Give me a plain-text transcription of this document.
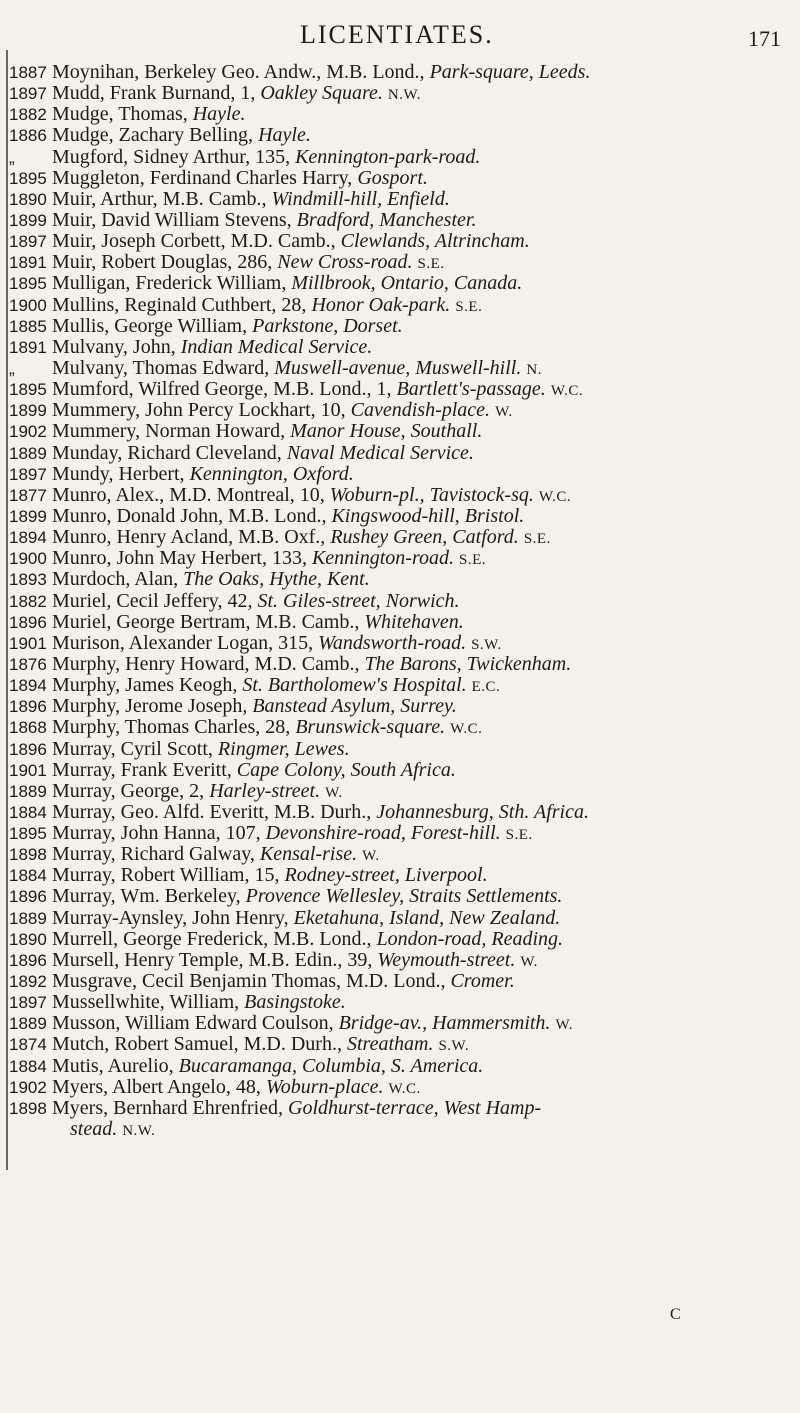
LICENTIATES.	171
1887
1897
1882
1886
„
1895
1890
1899
1897
1891
1895
1900
1885
1891
„
1895
1899
1902
1889
1897
1877
1899
1894
1900
1893
1882
1896
1901
1876
1894
1896
1868
1896
1901
1889
1884
1895
1898
1884
1896
1889
1890
1896
1892
1897
1889
1874
1884
1902
1898
Moynihan, Berkeley Geo. Andw., M.B. Lond., Park-square, Leeds.
Mudd, Frank Burnand, 1, Oakley Square. N.W.
Mudge, Thomas, Hayle.
Mudge, Zachary Belling, Hayle.
Mugford, Sidney Arthur, 135, Kennington-park-road.
Muggleton, Ferdinand Charles Harry, Gosport.
Muir, Arthur, M.B. Camb., Windmill-hill, Enfield.
Muir, David William Stevens, Bradford, Manchester.
Muir, Joseph Corbett, M.D. Camb., Clewlands, Altrincham.
Muir, Robert Douglas, 286, New Cross-road. S.E.
Mulligan, Frederick William, Millbrook, Ontario, Canada.
Mullins, Reginald Cuthbert, 28, Honor Oak-park. S.E.
Mullis, George William, Parkstone, Dorset.
Mulvany, John, Indian Medical Service.
Mulvany, Thomas Edward, Muswell-avenue, Muswell-hill. N.
Mumford, Wilfred George, M.B. Lond., 1, Bartlett's-passage. W.C.
Mummery, John Percy Lockhart, 10, Cavendish-place. W.
Mummery, Norman Howard, Manor House, Southall.
Munday, Richard Cleveland, Naval Medical Service.
Mundy, Herbert, Kennington, Oxford.
Munro, Alex., M.D. Montreal, 10, Woburn-pl., Tavistock-sq. W.C.
Munro, Donald John, M.B. Lond., Kingswood-hill, Bristol.
Munro, Henry Acland, M.B. Oxf., Rushey Green, Catford. S.E.
Munro, John May Herbert, 133, Kennington-road. S.E.
Murdoch, Alan, The Oaks, Hythe, Kent.
Muriel, Cecil Jeffery, 42, St. Giles-street, Norwich.
Muriel, George Bertram, M.B. Camb., Whitehaven.
Murison, Alexander Logan, 315, Wandsworth-road. S.W.
Murphy, Henry Howard, M.D. Camb., The Barons, Twickenham.
Murphy, James Keogh, St. Bartholomew's Hospital. E.C.
Murphy, Jerome Joseph, Banstead Asylum, Surrey.
Murphy, Thomas Charles, 28, Brunswick-square. W.C.
Murray, Cyril Scott, Ringmer, Lewes.
Murray, Frank Everitt, Cape Colony, South Africa.
Murray, George, 2, Harley-street. W.
Murray, Geo. Alfd. Everitt, M.B. Durh., Johannesburg, Sth. Africa.
Murray, John Hanna, 107, Devonshire-road, Forest-hill. S.E.
Murray, Richard Galway, Kensal-rise. W.
Murray, Robert William, 15, Rodney-street, Liverpool.
Murray, Wm. Berkeley, Provence Wellesley, Straits Settlements.
Murray-Aynsley, John Henry, Eketahuna, Island, New Zealand.
Murrell, George Frederick, M.B. Lond., London-road, Reading.
Mursell, Henry Temple, M.B. Edin., 39, Weymouth-street. W.
Musgrave, Cecil Benjamin Thomas, M.D. Lond., Cromer.
Mussellwhite, William, Basingstoke.
Musson, William Edward Coulson, Bridge-av., Hammersmith. W.
Mutch, Robert Samuel, M.D. Durh., Streatham. S.W.
Mutis, Aurelio, Bucaramanga, Columbia, S. America.
Myers, Albert Angelo, 48, Woburn-place. W.C.
Myers, Bernhard Ehrenfried, Goldhurst-terrace, West Hamp-
stead. N.W.
C
